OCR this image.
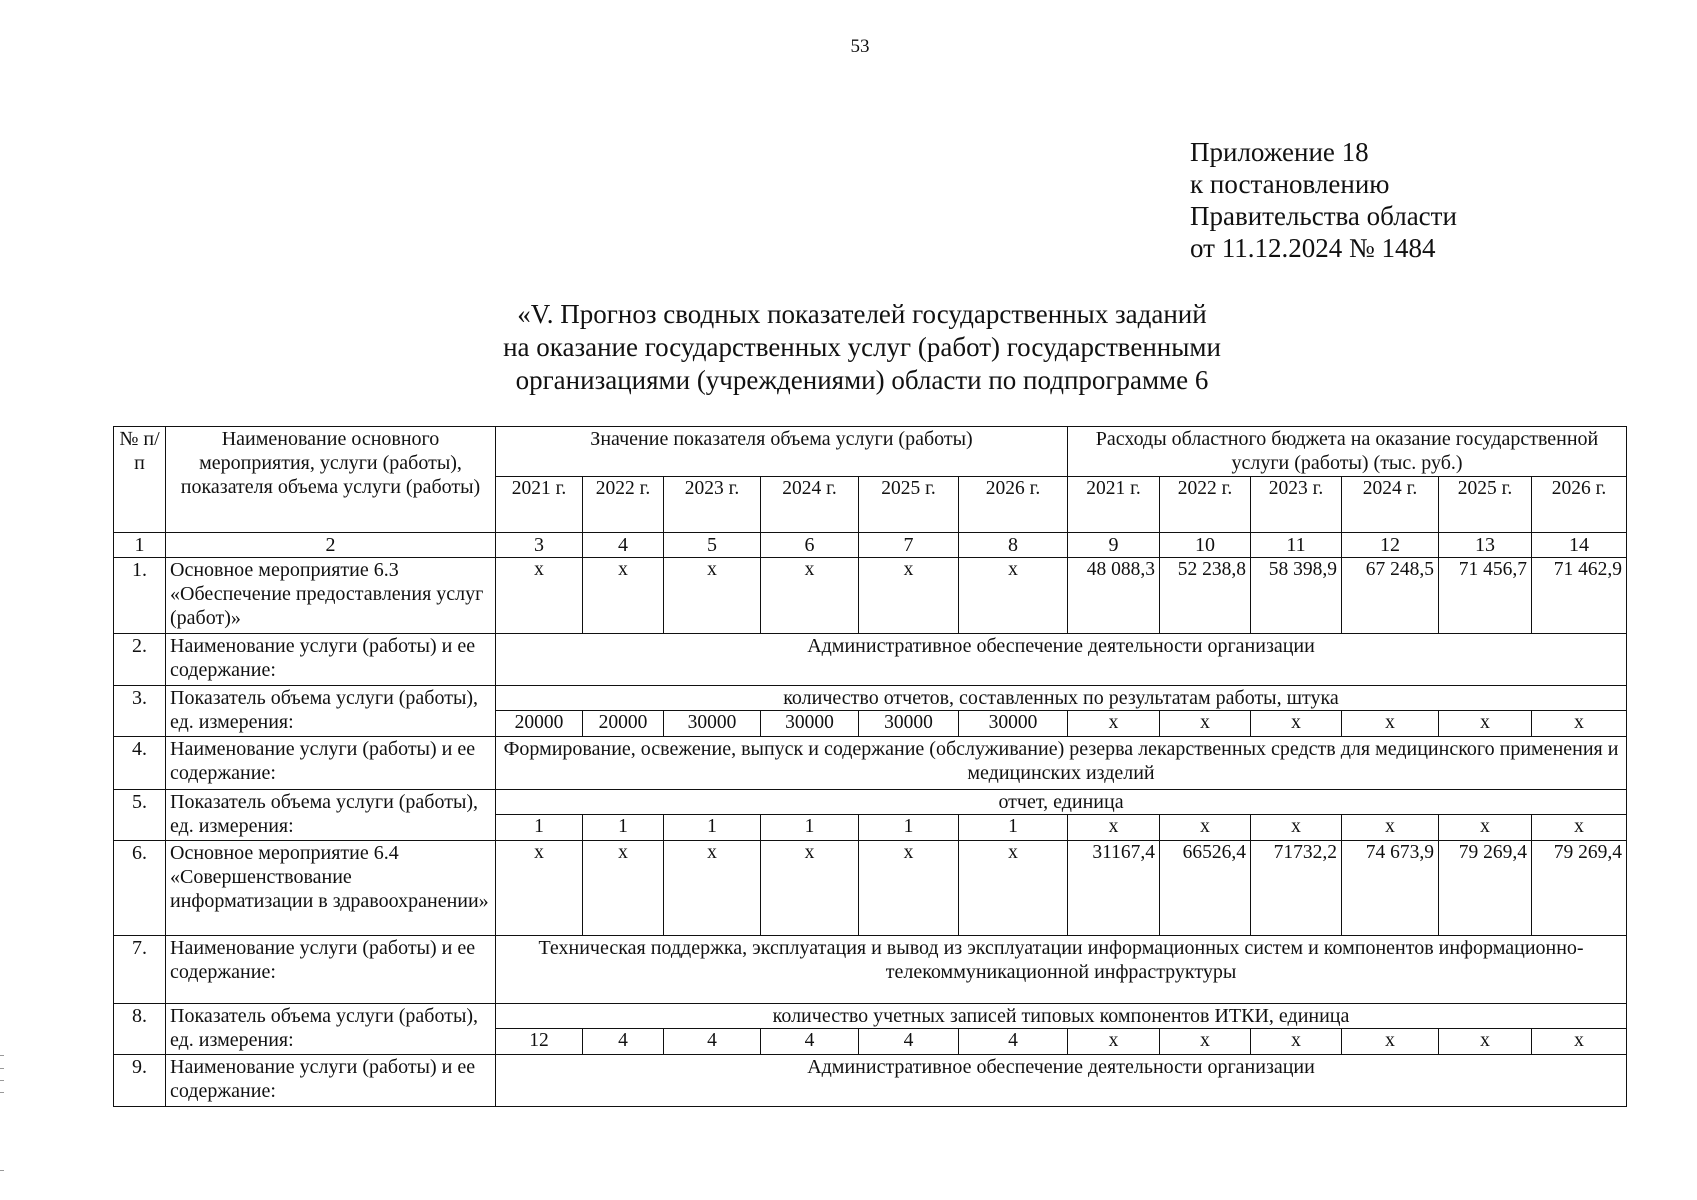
53
Приложение 18
к постановлению
Правительства области
от 11.12.2024 № 1484
«V. Прогноз сводных показателей государственных заданий
на оказание государственных услуг (работ) государственными
организациями (учреждениями) области по подпрограмме 6
№ п/п	Наименование основного мероприятия, услуги (работы), показателя объема услуги (работы)	Значение показателя объема услуги (работы)						Расходы областного бюджета на оказание государственной услуги (работы) (тыс. руб.)					
		2021 г.	2022 г.	2023 г.	2024 г.	2025 г.	2026 г.	2021 г.	2022 г.	2023 г.	2024 г.	2025 г.	2026 г.
1	2	3	4	5	6	7	8	9	10	11	12	13	14
1.	Основное мероприятие 6.3 «Обеспечение предоставления услуг (работ)»	х	х	х	х	х	х	48 088,3	52 238,8	58 398,9	67 248,5	71 456,7	71 462,9
2.	Наименование услуги (работы) и ее содержание:	Административное обеспечение деятельности организации											
3.	Показатель объема услуги (работы), ед. измерения:	количество отчетов, составленных по результатам работы, штука											
		20000	20000	30000	30000	30000	30000	х	х	х	х	х	х
4.	Наименование услуги (работы) и ее содержание:	Формирование, освежение, выпуск и содержание (обслуживание) резерва лекарственных средств для медицинского применения и медицинских изделий											
5.	Показатель объема услуги (работы), ед. измерения:	отчет, единица											
		1	1	1	1	1	1	х	х	х	х	х	х
6.	Основное мероприятие 6.4 «Совершенствование информатизации в здравоохранении»	х	х	х	х	х	х	31167,4	66526,4	71732,2	74 673,9	79 269,4	79 269,4
7.	Наименование услуги (работы) и ее содержание:	Техническая поддержка, эксплуатация и вывод из эксплуатации информационных систем и компонентов информационно-телекоммуникационной инфраструктуры											
8.	Показатель объема услуги (работы), ед. измерения:	количество учетных записей типовых компонентов ИТКИ, единица											
		12	4	4	4	4	4	х	х	х	х	х	х
9.	Наименование услуги (работы) и ее содержание:	Административное обеспечение деятельности организации											
